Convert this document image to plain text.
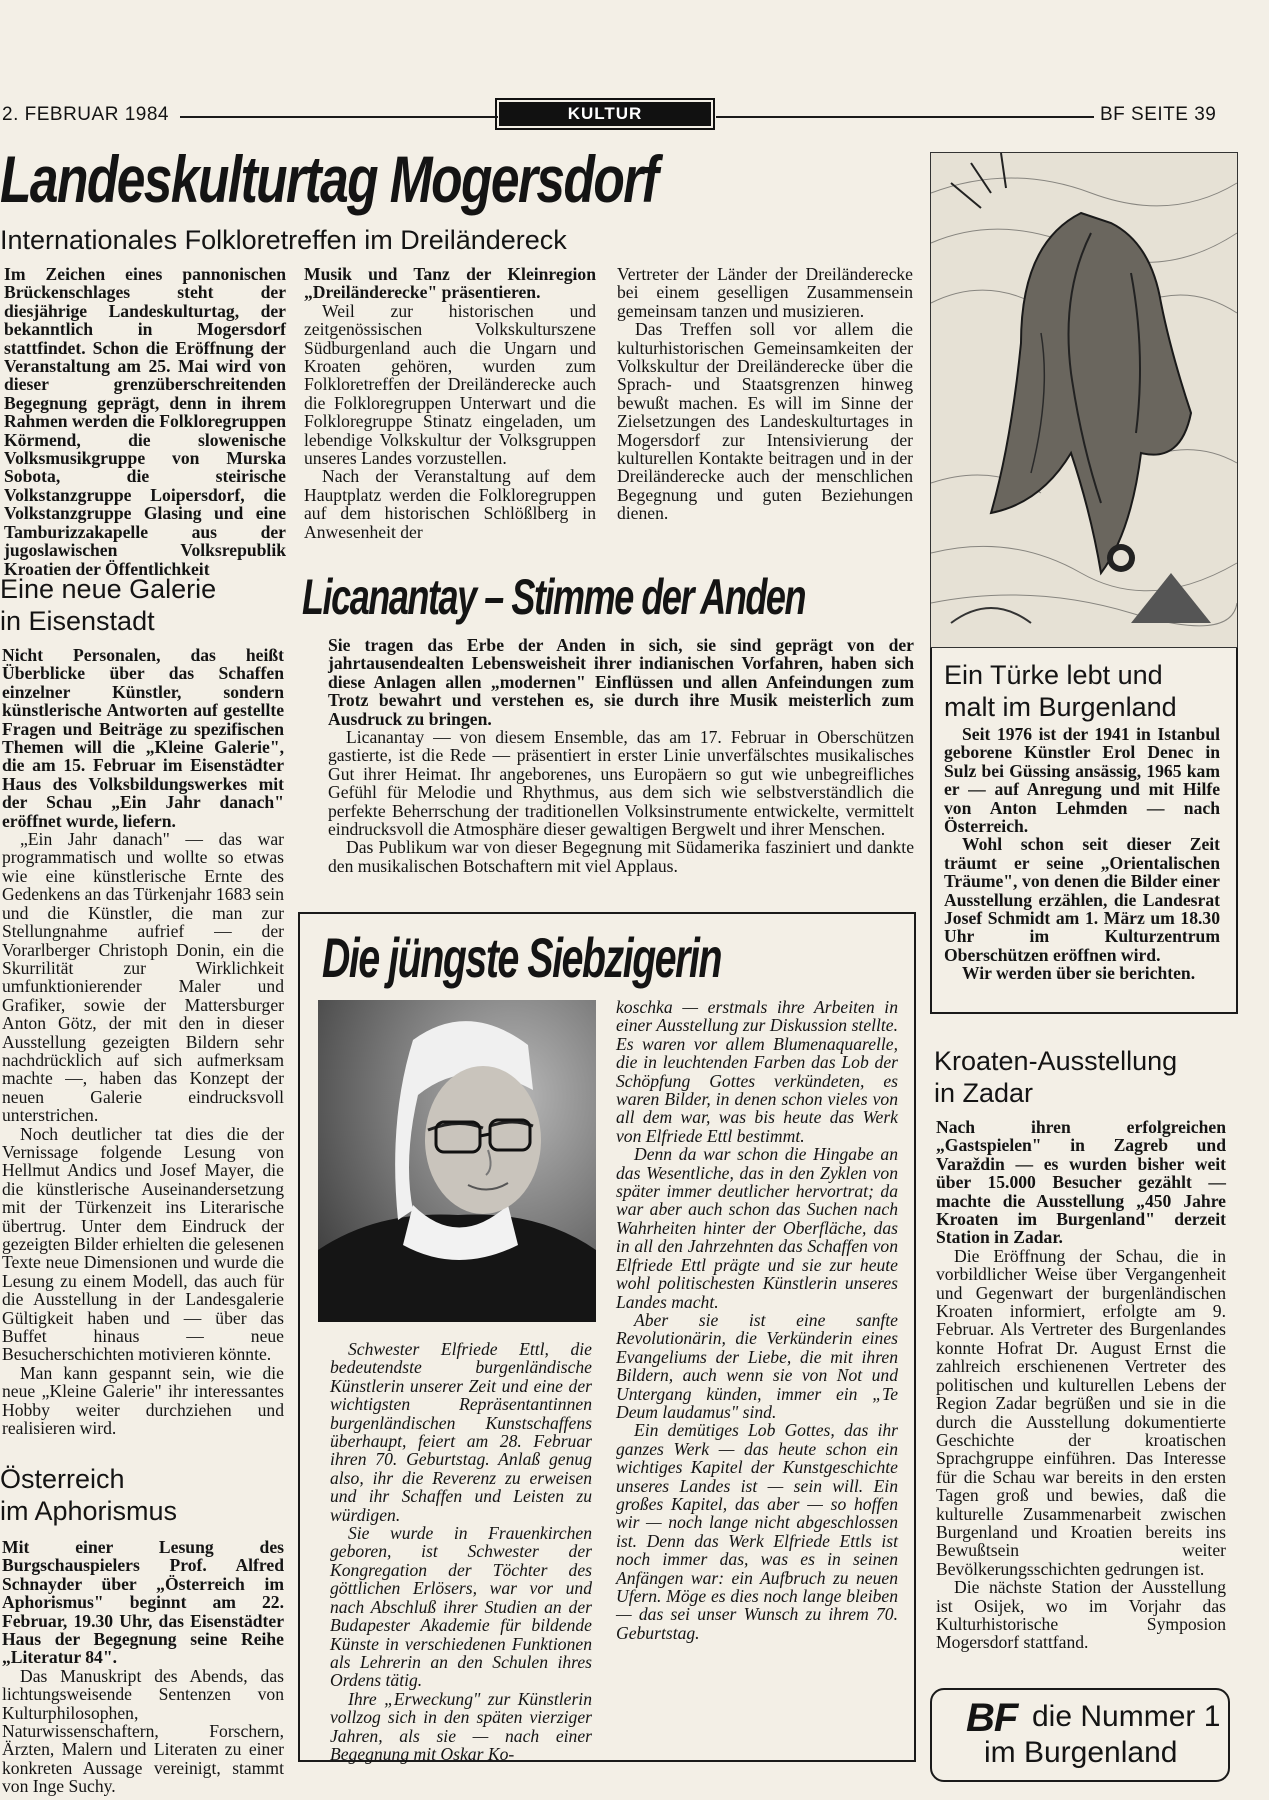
2. FEBRUAR 1984	KULTUR	BF SEITE 39
Landeskulturtag Mogersdorf
Internationales Folkloretreffen im Dreiländereck

Im Zeichen eines pannonischen Brückenschlages steht der diesjährige Landeskulturtag, der bekanntlich in Mogersdorf stattfindet. Schon die Eröffnung der Veranstaltung am 25. Mai wird von dieser grenzüberschreitenden Begegnung geprägt, denn in ihrem Rahmen werden die Folkloregruppen Körmend, die slowenische Volksmusikgruppe von Murska Sobota, die steirische Volkstanzgruppe Loipersdorf, die Volkstanzgruppe Glasing und eine Tamburizzakapelle aus der jugoslawischen Volksrepublik Kroatien der Öffentlichkeit

Musik und Tanz der Kleinregion „Dreiländerecke" präsentieren.

Weil zur historischen und zeitgenössischen Volkskulturszene Südburgenland auch die Ungarn und Kroaten gehören, wurden zum Folkloretreffen der Dreiländerecke auch die Folkloregruppen Unterwart und die Folkloregruppe Stinatz eingeladen, um lebendige Volkskultur der Volksgruppen unseres Landes vorzustellen.

Nach der Veranstaltung auf dem Hauptplatz werden die Folkloregruppen auf dem historischen Schlößlberg in Anwesenheit der

Vertreter der Länder der Dreiländerecke bei einem geselligen Zusammensein gemeinsam tanzen und musizieren.

Das Treffen soll vor allem die kulturhistorischen Gemeinsamkeiten der Volkskultur der Dreiländerecke über die Sprach- und Staatsgrenzen hinweg bewußt machen. Es will im Sinne der Zielsetzungen des Landeskulturtages in Mogersdorf zur Intensivierung der kulturellen Kontakte beitragen und in der Dreiländerecke auch der menschlichen Begegnung und guten Beziehungen dienen.

Ein Türke lebt und
malt im Burgenland

Seit 1976 ist der 1941 in Istanbul geborene Künstler Erol Denec in Sulz bei Güssing ansässig, 1965 kam er — auf Anregung und mit Hilfe von Anton Lehmden — nach Österreich.

Wohl schon seit dieser Zeit träumt er seine „Orientalischen Träume", von denen die Bilder einer Ausstellung erzählen, die Landesrat Josef Schmidt am 1. März um 18.30 Uhr im Kulturzentrum Oberschützen eröffnen wird.

Wir werden über sie berichten.

Kroaten-Ausstellung
in Zadar

Nach ihren erfolgreichen „Gastspielen" in Zagreb und Varaždin — es wurden bisher weit über 15.000 Besucher gezählt — machte die Ausstellung „450 Jahre Kroaten im Burgenland" derzeit Station in Zadar.

Die Eröffnung der Schau, die in vorbildlicher Weise über Vergangenheit und Gegenwart der burgenländischen Kroaten informiert, erfolgte am 9. Februar. Als Vertreter des Burgenlandes konnte Hofrat Dr. August Ernst die zahlreich erschienenen Vertreter des politischen und kulturellen Lebens der Region Zadar begrüßen und sie in die durch die Ausstellung dokumentierte Geschichte der kroatischen Sprachgruppe einführen. Das Interesse für die Schau war bereits in den ersten Tagen groß und bewies, daß die kulturelle Zusammenarbeit zwischen Burgenland und Kroatien bereits ins Bewußtsein weiter Bevölkerungsschichten gedrungen ist.

Die nächste Station der Ausstellung ist Osijek, wo im Vorjahr das Kulturhistorische Symposion Mogersdorf stattfand.

BF die Nummer 1
im Burgenland
Eine neue Galerie
in Eisenstadt

Nicht Personalen, das heißt Überblicke über das Schaffen einzelner Künstler, sondern künstlerische Antworten auf gestellte Fragen und Beiträge zu spezifischen Themen will die „Kleine Galerie", die am 15. Februar im Eisenstädter Haus des Volksbildungswerkes mit der Schau „Ein Jahr danach" eröffnet wurde, liefern.

„Ein Jahr danach" — das war programmatisch und wollte so etwas wie eine künstlerische Ernte des Gedenkens an das Türkenjahr 1683 sein und die Künstler, die man zur Stellungnahme aufrief — der Vorarlberger Christoph Donin, ein die Skurrilität zur Wirklichkeit umfunktionierender Maler und Grafiker, sowie der Mattersburger Anton Götz, der mit den in dieser Ausstellung gezeigten Bildern sehr nachdrücklich auf sich aufmerksam machte —, haben das Konzept der neuen Galerie eindrucksvoll unterstrichen.

Noch deutlicher tat dies die der Vernissage folgende Lesung von Hellmut Andics und Josef Mayer, die die künstlerische Auseinandersetzung mit der Türkenzeit ins Literarische übertrug. Unter dem Eindruck der gezeigten Bilder erhielten die gelesenen Texte neue Dimensionen und wurde die Lesung zu einem Modell, das auch für die Ausstellung in der Landesgalerie Gültigkeit haben und — über das Buffet hinaus — neue Besucherschichten motivieren könnte.

Man kann gespannt sein, wie die neue „Kleine Galerie" ihr interessantes Hobby weiter durchziehen und realisieren wird.

Österreich
im Aphorismus

Mit einer Lesung des Burgschauspielers Prof. Alfred Schnayder über „Österreich im Aphorismus" beginnt am 22. Februar, 19.30 Uhr, das Eisenstädter Haus der Begegnung seine Reihe „Literatur 84".

Das Manuskript des Abends, das lichtungsweisende Sentenzen von Kulturphilosophen, Naturwissenschaftern, Forschern, Ärzten, Malern und Literaten zu einer konkreten Aussage vereinigt, stammt von Inge Suchy.

Licanantay – Stimme der Anden

Sie tragen das Erbe der Anden in sich, sie sind geprägt von der jahrtausendealten Lebensweisheit ihrer indianischen Vorfahren, haben sich diese Anlagen allen „modernen" Einflüssen und allen Anfeindungen zum Trotz bewahrt und verstehen es, sie durch ihre Musik meisterlich zum Ausdruck zu bringen.

Licanantay — von diesem Ensemble, das am 17. Februar in Oberschützen gastierte, ist die Rede — präsentiert in erster Linie unverfälschtes musikalisches Gut ihrer Heimat. Ihr angeborenes, uns Europäern so gut wie unbegreifliches Gefühl für Melodie und Rhythmus, aus dem sich wie selbstverständlich die perfekte Beherrschung der traditionellen Volksinstrumente entwickelte, vermittelt eindrucksvoll die Atmosphäre dieser gewaltigen Bergwelt und ihrer Menschen.

Das Publikum war von dieser Begegnung mit Südamerika fasziniert und dankte den musikalischen Botschaftern mit viel Applaus.

Die jüngste Siebzigerin

Schwester Elfriede Ettl, die bedeutendste burgenländische Künstlerin unserer Zeit und eine der wichtigsten Repräsentantinnen burgenländischen Kunstschaffens überhaupt, feiert am 28. Februar ihren 70. Geburtstag. Anlaß genug also, ihr die Reverenz zu erweisen und ihr Schaffen und Leisten zu würdigen.

Sie wurde in Frauenkirchen geboren, ist Schwester der Kongregation der Töchter des göttlichen Erlösers, war vor und nach Abschluß ihrer Studien an der Budapester Akademie für bildende Künste in verschiedenen Funktionen als Lehrerin an den Schulen ihres Ordens tätig.

Ihre „Erweckung" zur Künstlerin vollzog sich in den späten vierziger Jahren, als sie — nach einer Begegnung mit Oskar Ko-

koschka — erstmals ihre Arbeiten in einer Ausstellung zur Diskussion stellte. Es waren vor allem Blumenaquarelle, die in leuchtenden Farben das Lob der Schöpfung Gottes verkündeten, es waren Bilder, in denen schon vieles von all dem war, was bis heute das Werk von Elfriede Ettl bestimmt.

Denn da war schon die Hingabe an das Wesentliche, das in den Zyklen von später immer deutlicher hervortrat; da war aber auch schon das Suchen nach Wahrheiten hinter der Oberfläche, das in all den Jahrzehnten das Schaffen von Elfriede Ettl prägte und sie zur heute wohl politischesten Künstlerin unseres Landes macht.

Aber sie ist eine sanfte Revolutionärin, die Verkünderin eines Evangeliums der Liebe, die mit ihren Bildern, auch wenn sie von Not und Untergang künden, immer ein „Te Deum laudamus" sind.

Ein demütiges Lob Gottes, das ihr ganzes Werk — das heute schon ein wichtiges Kapitel der Kunstgeschichte unseres Landes ist — sein will. Ein großes Kapitel, das aber — so hoffen wir — noch lange nicht abgeschlossen ist. Denn das Werk Elfriede Ettls ist noch immer das, was es in seinen Anfängen war: ein Aufbruch zu neuen Ufern. Möge es dies noch lange bleiben — das sei unser Wunsch zu ihrem 70. Geburtstag.
